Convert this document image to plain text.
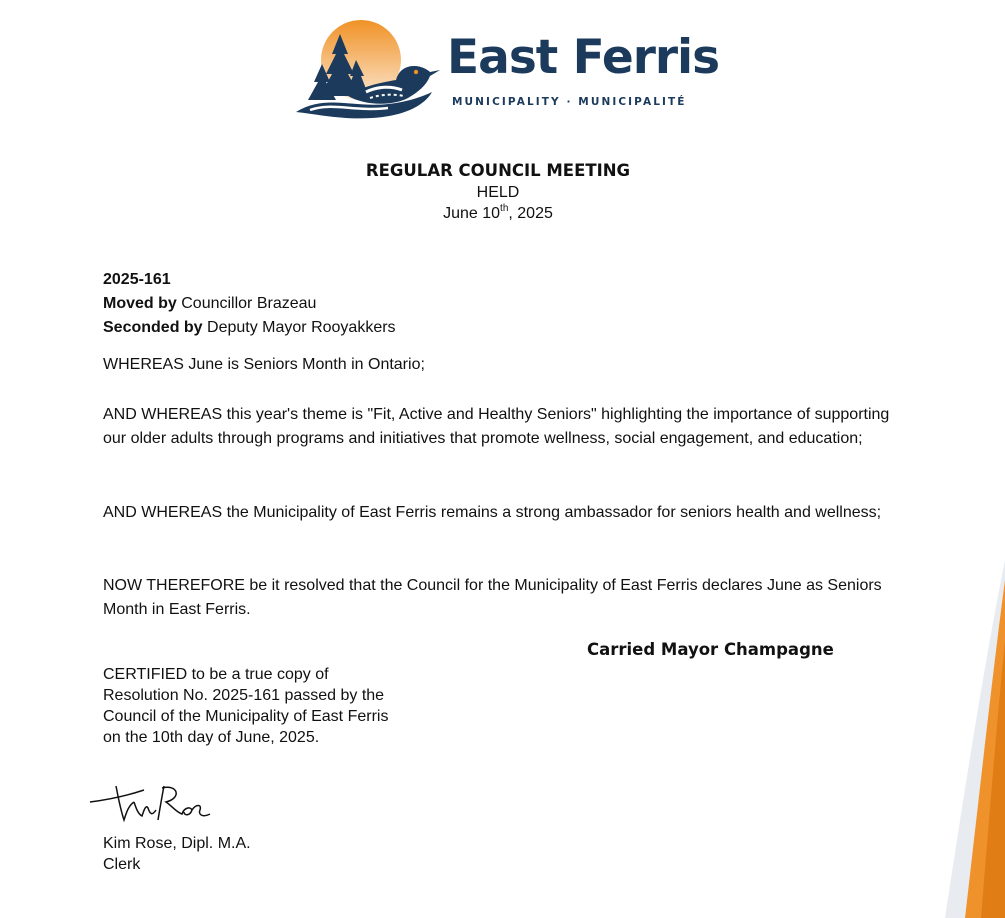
East Ferris
MUNICIPALITY · MUNICIPALITÉ
REGULAR COUNCIL MEETING
HELD
June 10th, 2025
2025-161
Moved by Councillor Brazeau
Seconded by Deputy Mayor Rooyakkers

WHEREAS June is Seniors Month in Ontario;

AND WHEREAS this year's theme is "Fit, Active and Healthy Seniors" highlighting the importance of supporting our older adults through programs and initiatives that promote wellness, social engagement, and education;

AND WHEREAS the Municipality of East Ferris remains a strong ambassador for seniors health and wellness;

NOW THEREFORE be it resolved that the Council for the Municipality of East Ferris declares June as Seniors Month in East Ferris.

Carried Mayor Champagne
CERTIFIED to be a true copy of
Resolution No. 2025-161 passed by the
Council of the Municipality of East Ferris
on the 10th day of June, 2025.
Kim Rose, Dipl. M.A.
Clerk
